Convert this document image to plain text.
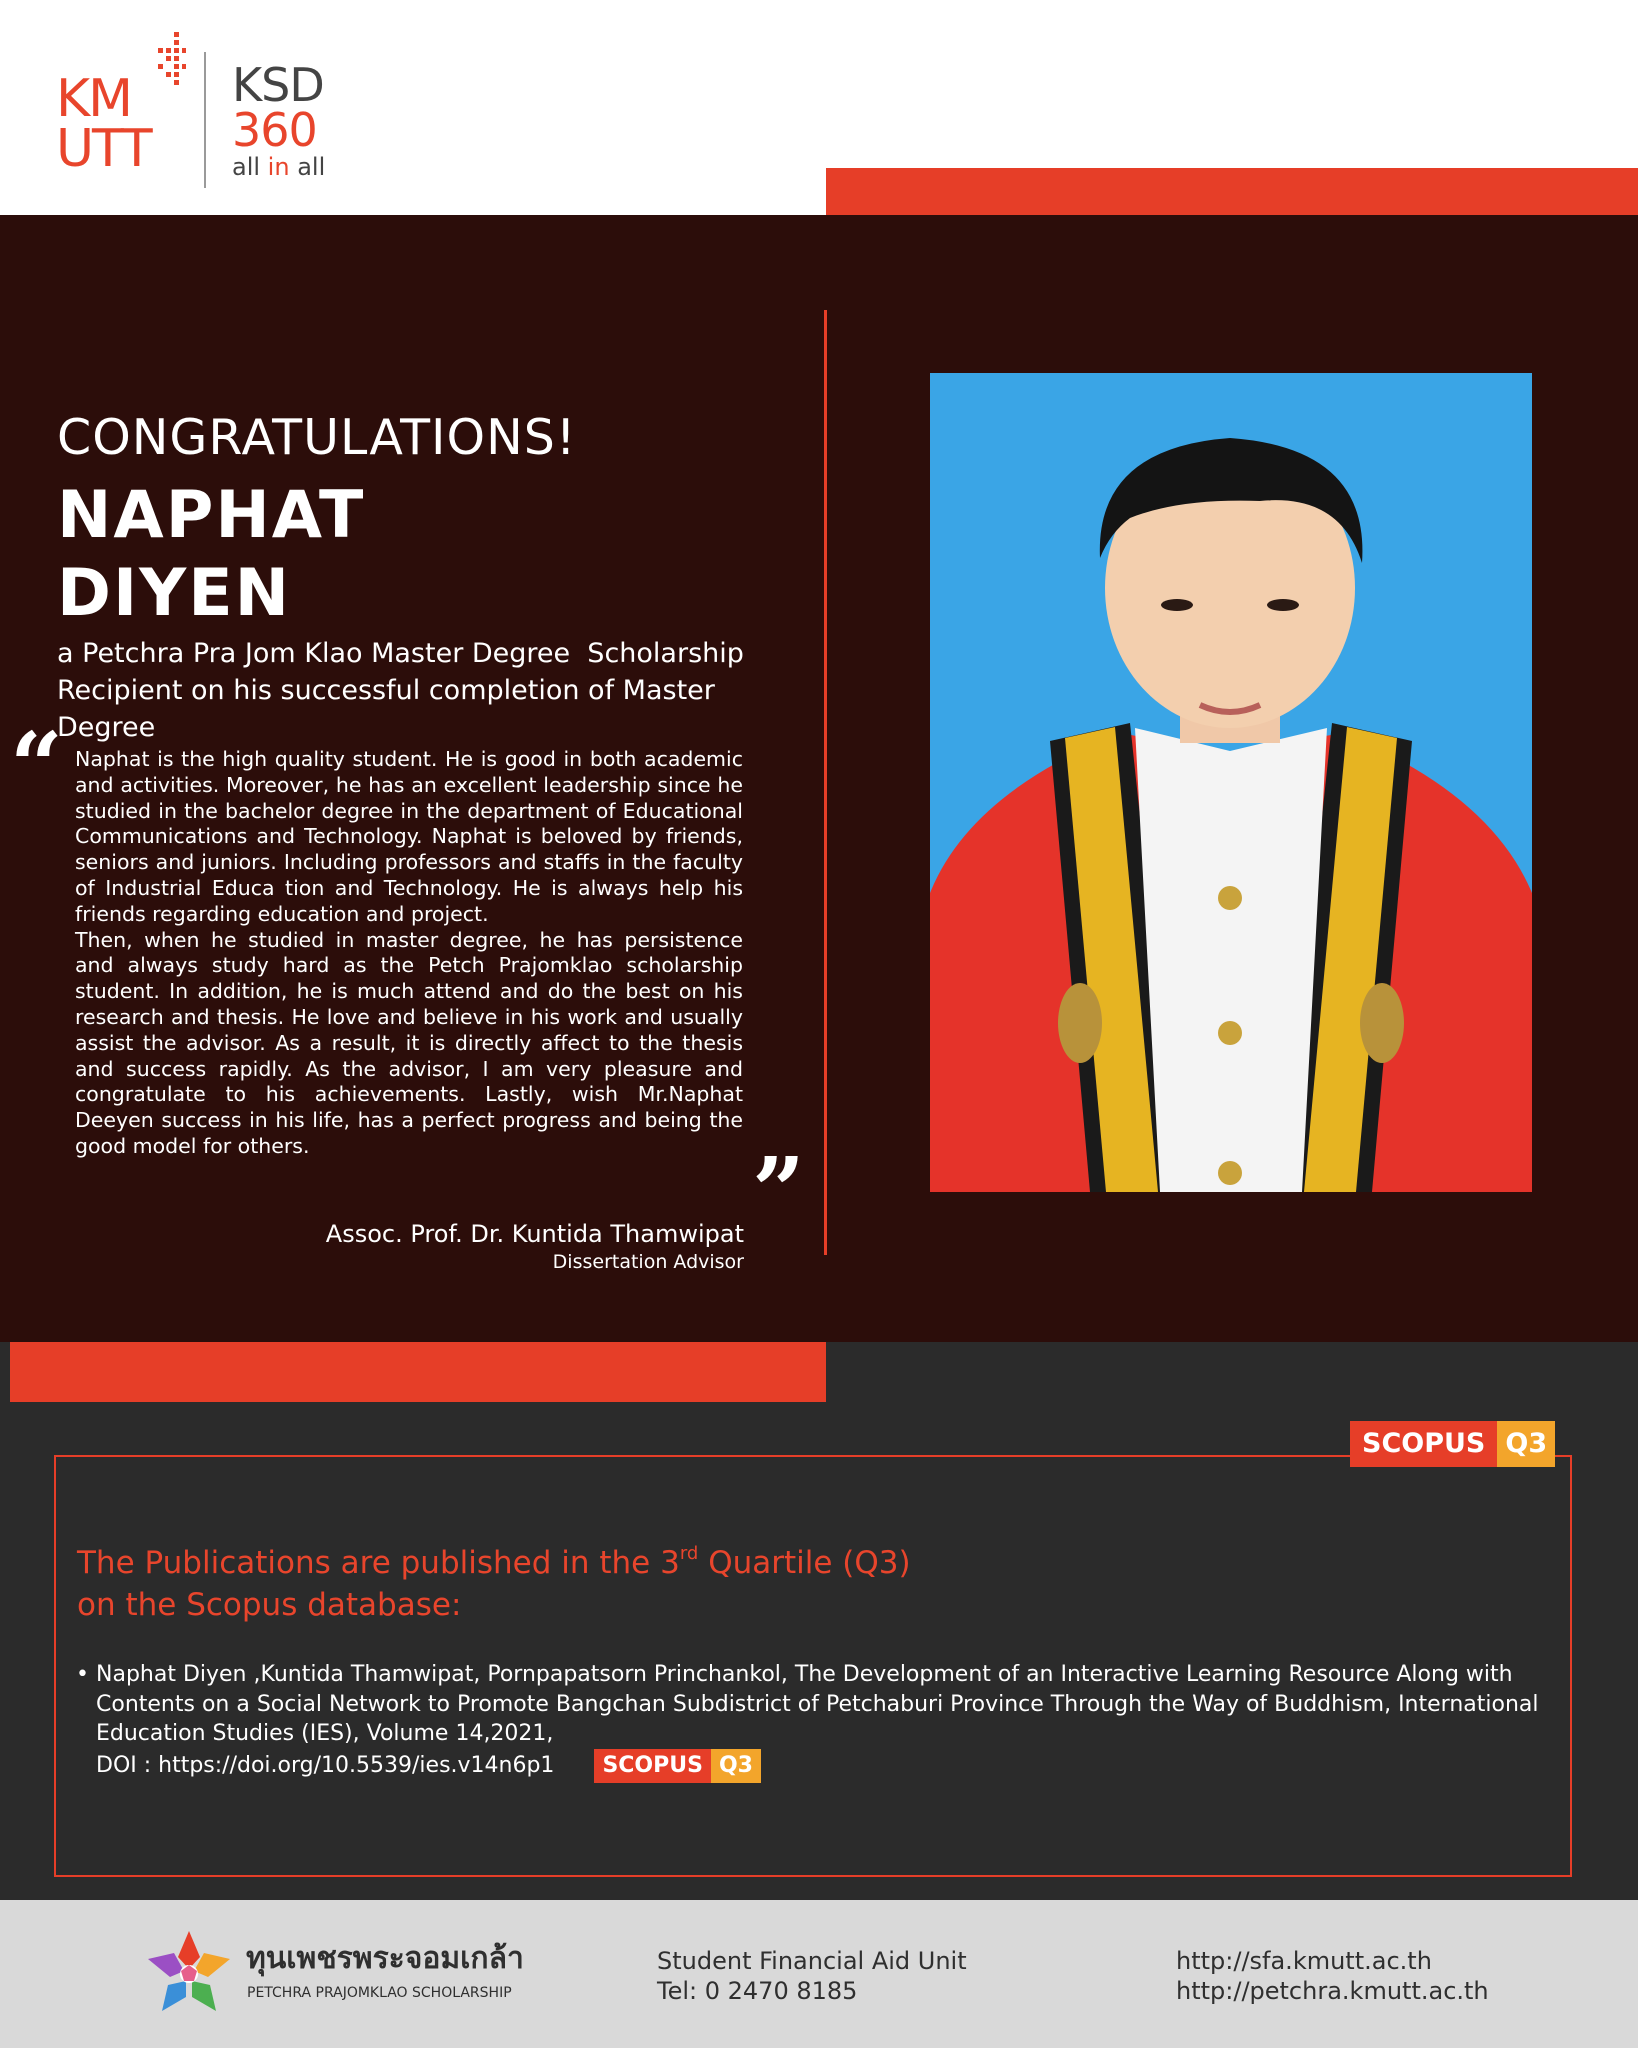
KM
UTT
KSD
360
all in all
CONGRATULATIONS!
NAPHAT
DIYEN
a Petchra Pra Jom Klao Master Degree  Scholarship
Recipient on his successful completion of Master Degree
“ Naphat is the high quality student. He is good in both academic and activities. Moreover, he has an excellent leadership since he studied in the bachelor degree in the department of Educational Communications and Technology. Naphat is beloved by friends, seniors and juniors. Including professors and staffs in the faculty of Industrial Educa tion and Technology. He is always help his friends regarding education and project.

Then, when he studied in master degree, he has persistence and always study hard as the Petch Prajomklao scholarship student. In addition, he is much attend and do the best on his research and thesis. He love and believe in his work and usually assist the advisor. As a result, it is directly affect to the thesis and success rapidly. As the advisor, I am very pleasure and congratulate to his achievements. Lastly, wish Mr.Naphat Deeyen success in his life, has a perfect progress and being the good model for others.

Assoc. Prof. Dr. Kuntida Thamwipat
Dissertation Advisor
”
SCOPUS Q3
The Publications are published in the 3rd Quartile (Q3)
on the Scopus database:
• Naphat Diyen ,Kuntida Thamwipat, Pornpapatsorn Princhankol, The Development of an Interactive Learning Resource Along with Contents on a Social Network to Promote Bangchan Subdistrict of Petchaburi Province Through the Way of Buddhism, International Education Studies (IES), Volume 14,2021,
DOI : https://doi.org/10.5539/ies.v14n6p1	SCOPUS Q3
ทุนเพชรพระจอมเกล้า
PETCHRA PRAJOMKLAO SCHOLARSHIP
Student Financial Aid Unit
Tel: 0 2470 8185
http://sfa.kmutt.ac.th
http://petchra.kmutt.ac.th
